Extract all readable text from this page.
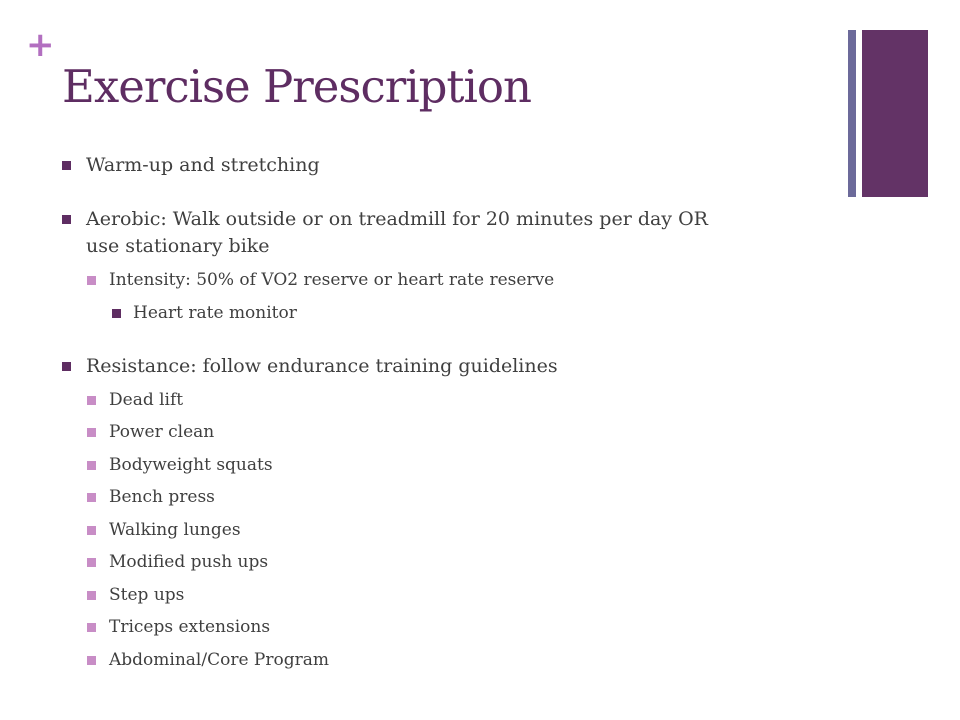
+
Exercise Prescription
Warm-up and stretching
Aerobic: Walk outside or on treadmill for 20 minutes per day OR
use stationary bike
Intensity: 50% of VO2 reserve or heart rate reserve
Heart rate monitor
Resistance: follow endurance training guidelines
Dead lift
Power clean
Bodyweight squats
Bench press
Walking lunges
Modified push ups
Step ups
Triceps extensions
Abdominal/Core Program
